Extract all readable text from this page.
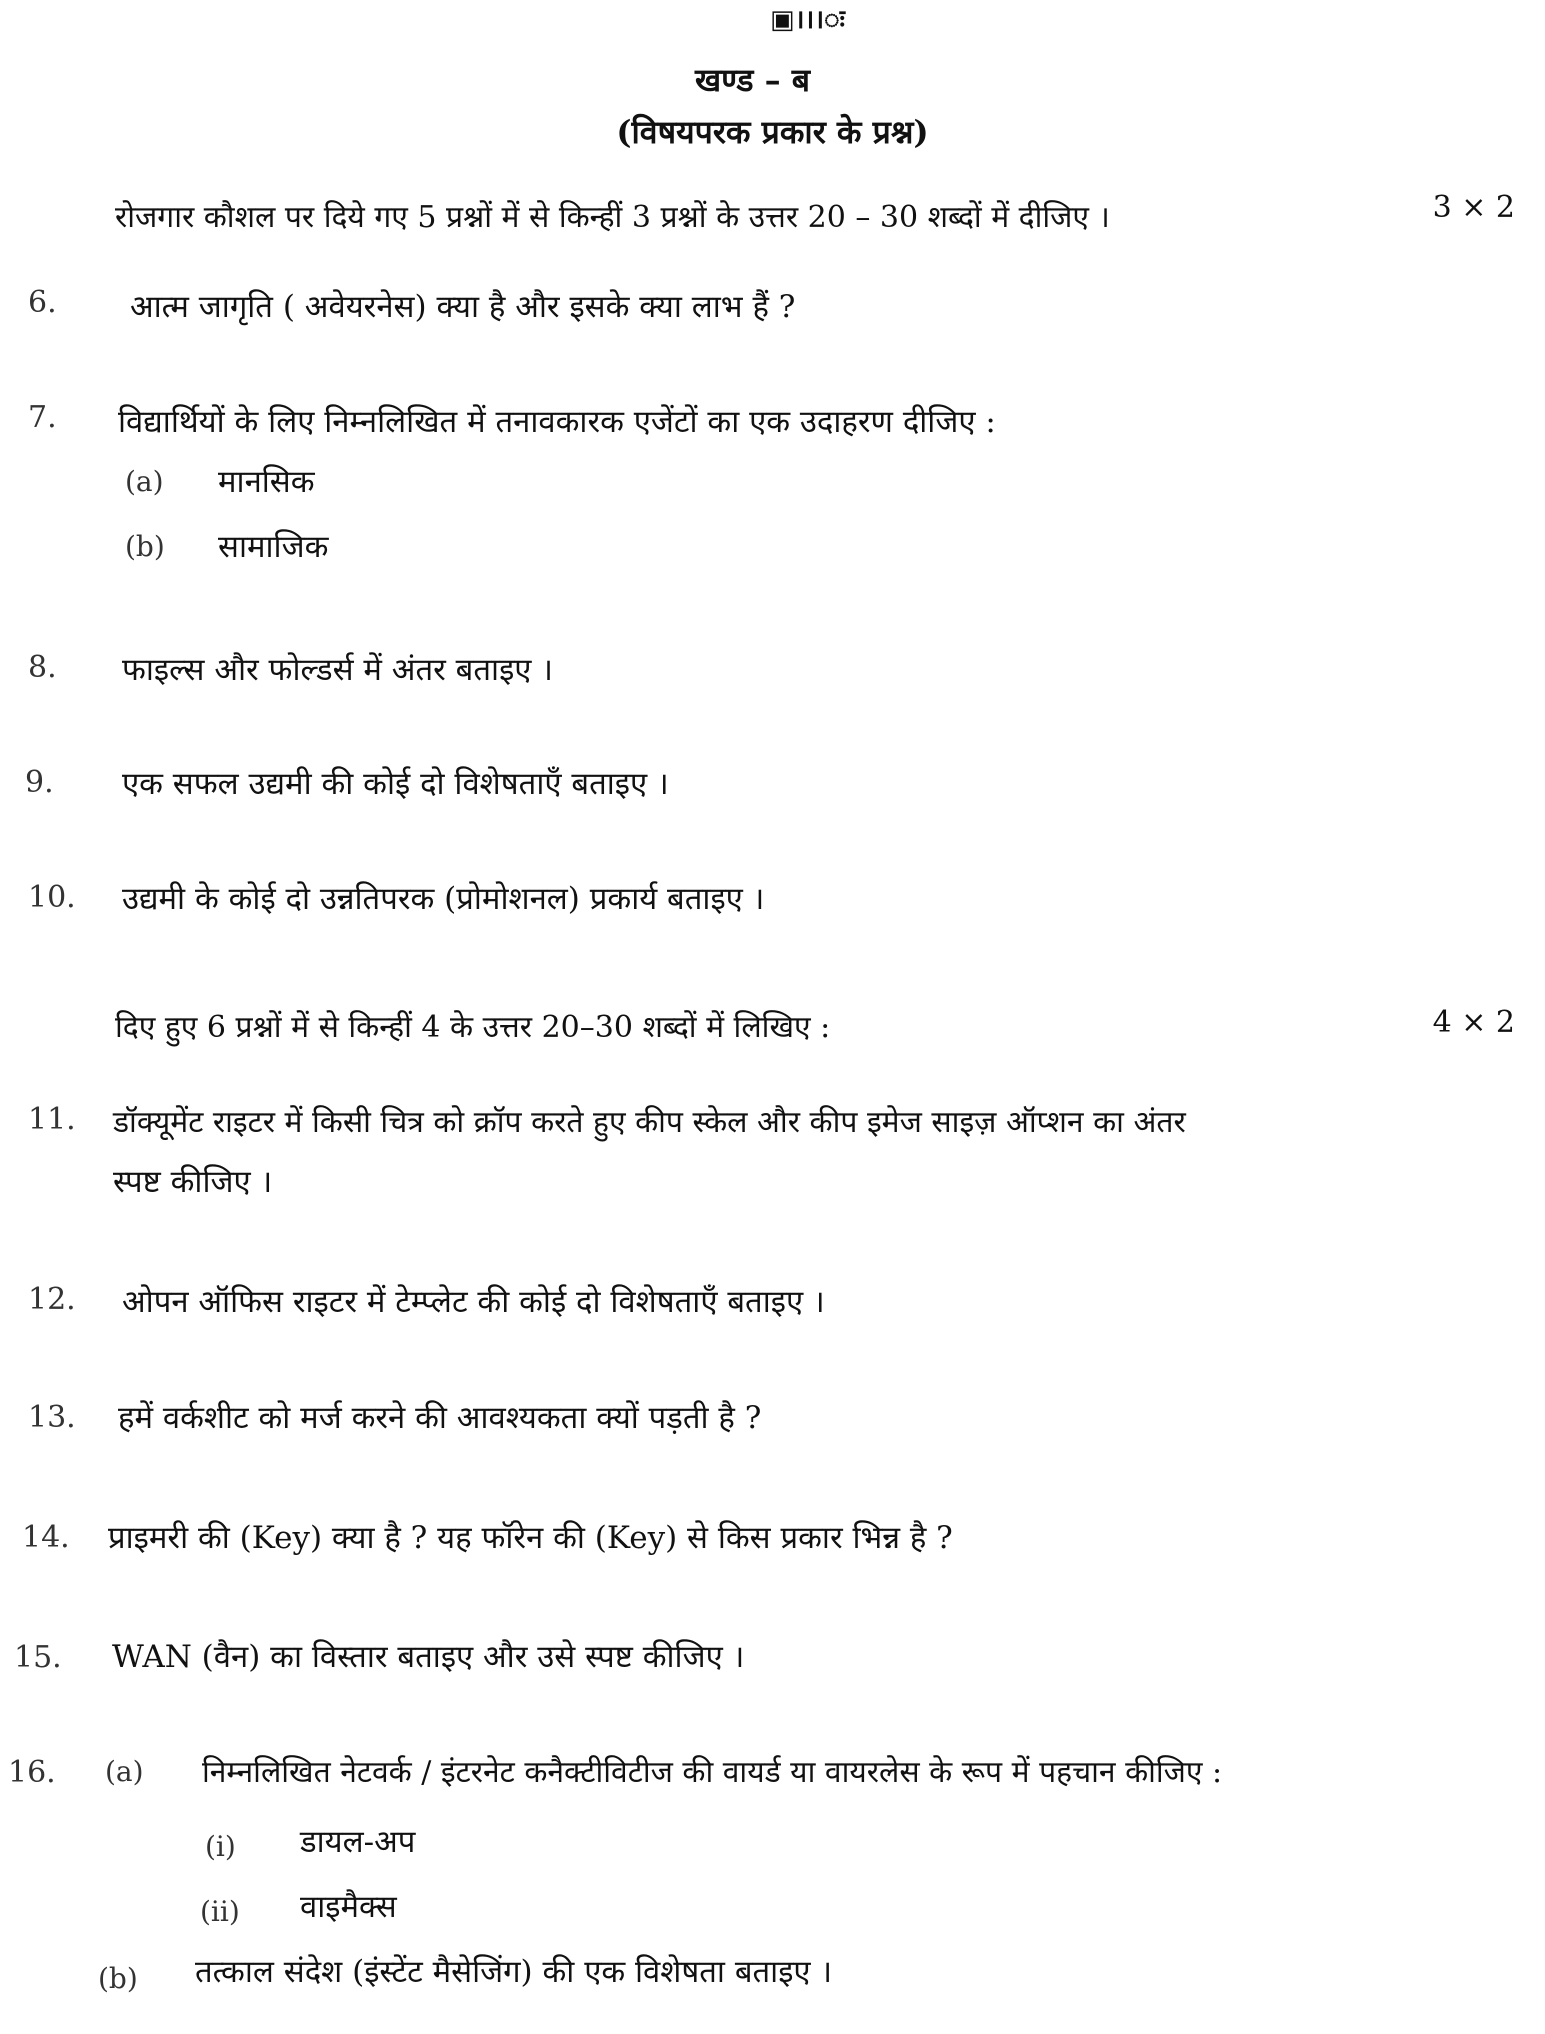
▣।।।ः
खण्ड – ब
(विषयपरक प्रकार के प्रश्न)
रोजगार कौशल पर दिये गए 5 प्रश्नों में से किन्हीं 3 प्रश्नों के उत्तर 20 – 30 शब्दों में दीजिए ।	3 × 2
6. आत्म जागृति ( अवेयरनेस) क्या है और इसके क्या लाभ हैं ?
7. विद्यार्थियों के लिए निम्नलिखित में तनावकारक एजेंटों का एक उदाहरण दीजिए :
(a) मानसिक
(b) सामाजिक
8. फाइल्स और फोल्डर्स में अंतर बताइए ।
9. एक सफल उद्यमी की कोई दो विशेषताएँ बताइए ।
10. उद्यमी के कोई दो उन्नतिपरक (प्रोमोशनल) प्रकार्य बताइए ।
दिए हुए 6 प्रश्नों में से किन्हीं 4 के उत्तर 20–30 शब्दों में लिखिए :	4 × 2
11. डॉक्यूमेंट राइटर में किसी चित्र को क्रॉप करते हुए कीप स्केल और कीप इमेज साइज़ ऑप्शन का अंतर
स्पष्ट कीजिए ।
12. ओपन ऑफिस राइटर में टेम्प्लेट की कोई दो विशेषताएँ बताइए ।
13. हमें वर्कशीट को मर्ज करने की आवश्यकता क्यों पड़ती है ?
14. प्राइमरी की (Key) क्या है ? यह फॉरेन की (Key) से किस प्रकार भिन्न है ?
15. WAN (वैन) का विस्तार बताइए और उसे स्पष्ट कीजिए ।
16. (a) निम्नलिखित नेटवर्क / इंटरनेट कनैक्टीविटीज की वायर्ड या वायरलेस के रूप में पहचान कीजिए :
(i) डायल-अप
(ii) वाइमैक्स
(b) तत्काल संदेश (इंस्टेंट मैसेजिंग) की एक विशेषता बताइए ।
